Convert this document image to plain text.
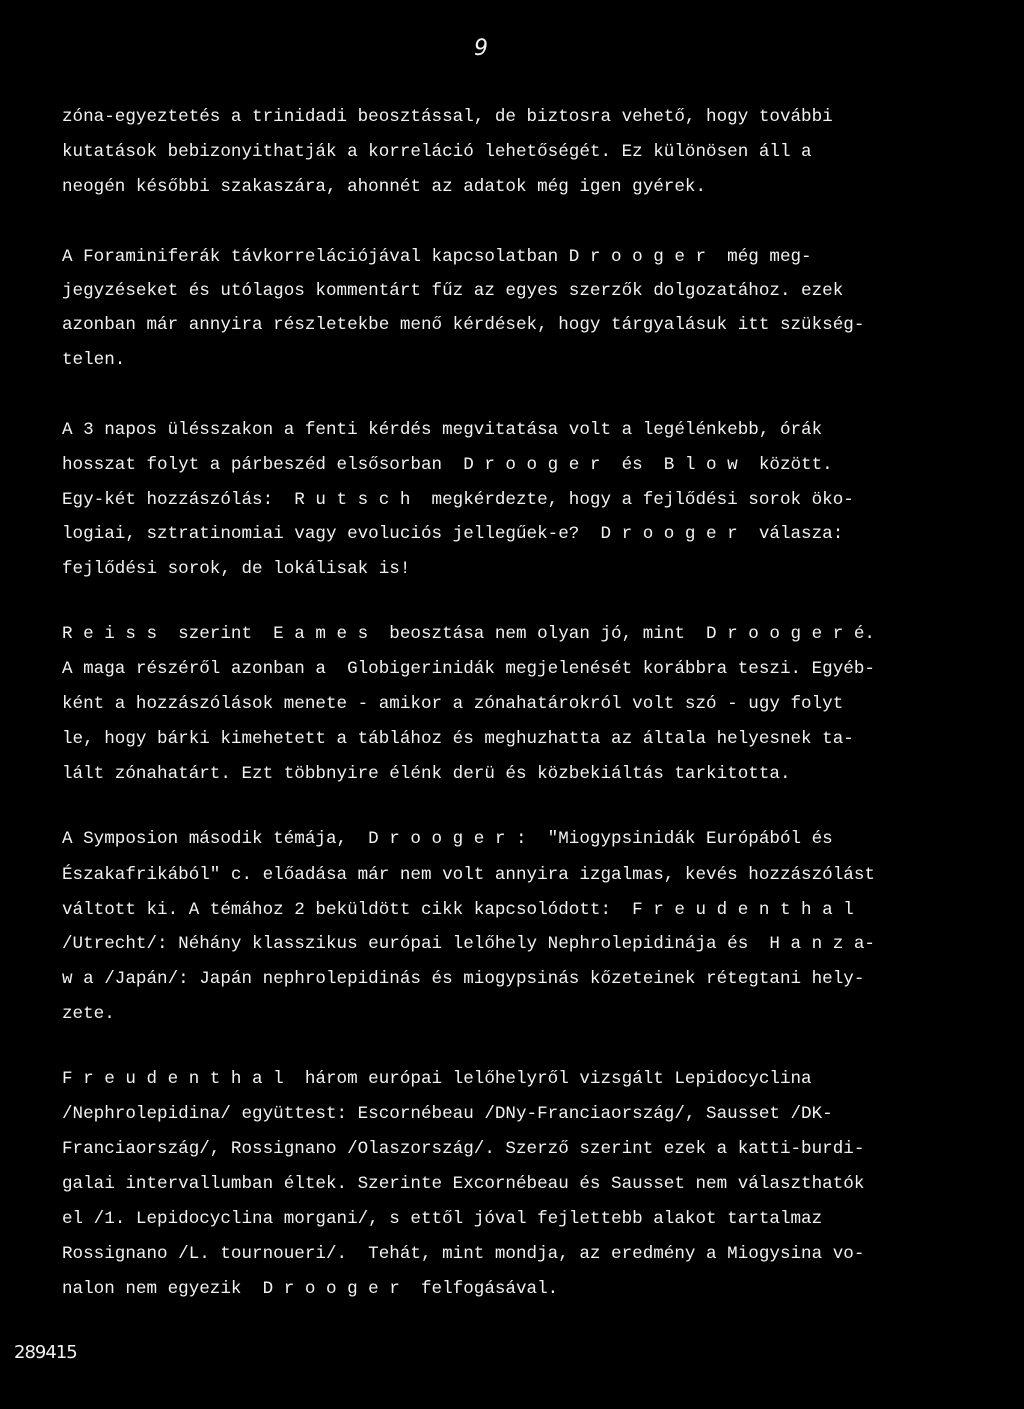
9
zóna-egyeztetés a trinidadi beosztással, de biztosra vehető, hogy további
kutatások bebizonyithatják a korreláció lehetőségét. Ez különösen áll a
neogén későbbi szakaszára, ahonnét az adatok még igen gyérek.
A Foraminiferák távkorrelációjával kapcsolatban D r o o g e r  még meg-
jegyzéseket és utólagos kommentárt fűz az egyes szerzők dolgozatához. ezek
azonban már annyira részletekbe menő kérdések, hogy tárgyalásuk itt szükség-
telen.
A 3 napos ülésszakon a fenti kérdés megvitatása volt a legélénkebb, órák
hosszat folyt a párbeszéd elsősorban  D r o o g e r  és  B l o w  között.
Egy-két hozzászólás:  R u t s c h  megkérdezte, hogy a fejlődési sorok öko-
logiai, sztratinomiai vagy evoluciós jellegűek-e?  D r o o g e r  válasza:
fejlődési sorok, de lokálisak is!
R e i s s  szerint  E a m e s  beosztása nem olyan jó, mint  D r o o g e r é.
A maga részéről azonban a  Globigerinidák megjelenését korábbra teszi. Egyéb-
ként a hozzászólások menete - amikor a zónahatárokról volt szó - ugy folyt
le, hogy bárki kimehetett a táblához és meghuzhatta az általa helyesnek ta-
lált zónahatárt. Ezt többnyire élénk derü és közbekiáltás tarkitotta.
A Symposion második témája,  D r o o g e r :  "Miogypsinidák Európából és
Északafrikából" c. előadása már nem volt annyira izgalmas, kevés hozzászólást
váltott ki. A témához 2 beküldött cikk kapcsolódott:  F r e u d e n t h a l
/Utrecht/: Néhány klasszikus európai lelőhely Nephrolepidinája és  H a n z a-
w a /Japán/: Japán nephrolepidinás és miogypsinás kőzeteinek rétegtani hely-
zete.
F r e u d e n t h a l  három európai lelőhelyről vizsgált Lepidocyclina
/Nephrolepidina/ együttest: Escornébeau /DNy-Franciaország/, Sausset /DK-
Franciaország/, Rossignano /Olaszország/. Szerző szerint ezek a katti-burdi-
galai intervallumban éltek. Szerinte Excornébeau és Sausset nem választhatók
el /1. Lepidocyclina morgani/, s ettől jóval fejlettebb alakot tartalmaz
Rossignano /L. tournoueri/.  Tehát, mint mondja, az eredmény a Miogysina vo-
nalon nem egyezik  D r o o g e r  felfogásával.
289415
